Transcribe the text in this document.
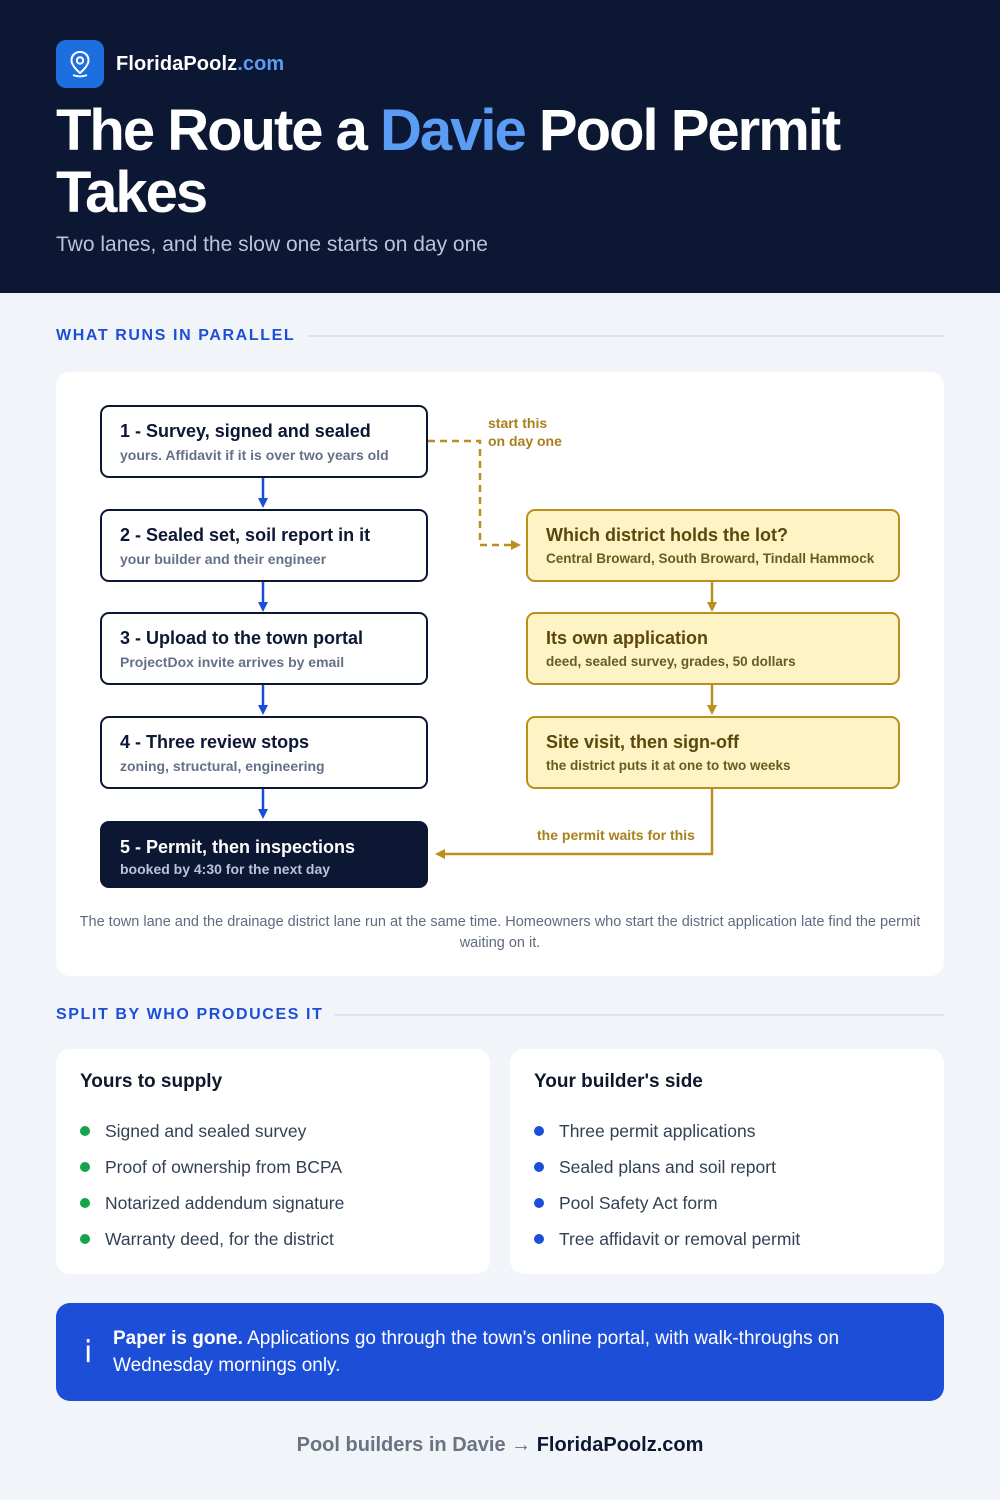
FloridaPoolz.com
The Route a Davie Pool Permit Takes
Two lanes, and the slow one starts on day one
WHAT RUNS IN PARALLEL
1 - Survey, signed and sealed
yours. Affidavit if it is over two years old
2 - Sealed set, soil report in it
your builder and their engineer
3 - Upload to the town portal
ProjectDox invite arrives by email
4 - Three review stops
zoning, structural, engineering
5 - Permit, then inspections
booked by 4:30 for the next day
Which district holds the lot?
Central Broward, South Broward, Tindall Hammock
Its own application
deed, sealed survey, grades, 50 dollars
Site visit, then sign-off
the district puts it at one to two weeks
start this
on day one
the permit waits for this
The town lane and the drainage district lane run at the same time. Homeowners who start the district application late find the permit waiting on it.
SPLIT BY WHO PRODUCES IT
Yours to supply
Signed and sealed survey
Proof of ownership from BCPA
Notarized addendum signature
Warranty deed, for the district
Your builder's side
Three permit applications
Sealed plans and soil report
Pool Safety Act form
Tree affidavit or removal permit
i Paper is gone. Applications go through the town's online portal, with walk-throughs on Wednesday mornings only.
Pool builders in Davie → FloridaPoolz.com
